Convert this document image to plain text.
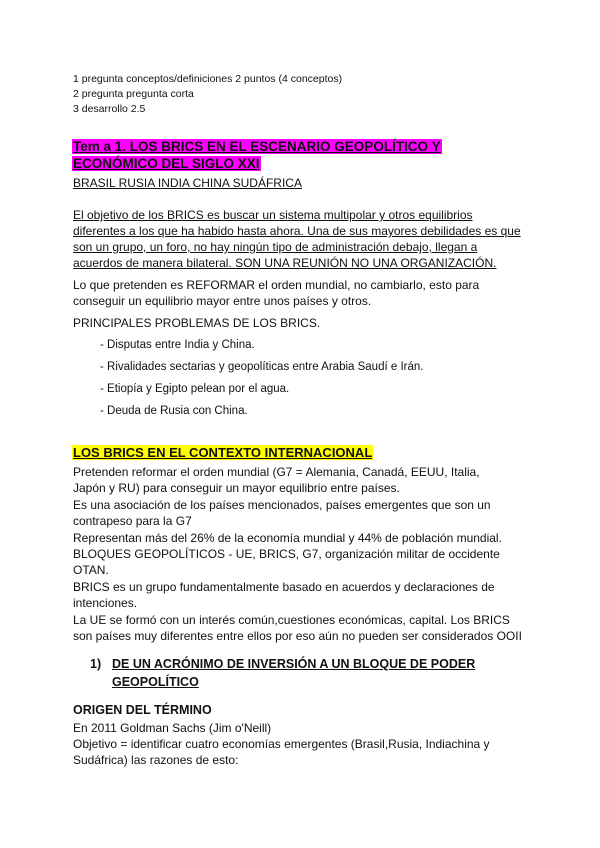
1 pregunta conceptos/definiciones 2 puntos (4 conceptos)
2 pregunta pregunta corta
3 desarrollo 2.5
Tem a 1. LOS BRICS EN EL ESCENARIO GEOPOLÍTICO Y
ECONÓMICO DEL SIGLO XXI
BRASIL RUSIA INDIA CHINA SUDÁFRICA
El objetivo de los BRICS es buscar un sistema multipolar y otros equilibrios
diferentes a los que ha habido hasta ahora. Una de sus mayores debilidades es que
son un grupo, un foro, no hay ningún tipo de administración debajo, llegan a
acuerdos de manera bilateral. SON UNA REUNIÓN NO UNA ORGANIZACIÓN.
Lo que pretenden es REFORMAR el orden mundial, no cambiarlo, esto para
conseguir un equilibrio mayor entre unos países y otros.
PRINCIPALES PROBLEMAS DE LOS BRICS.
- Disputas entre India y China.
- Rivalidades sectarias y geopolíticas entre Arabia Saudí e Irán.
- Etiopía y Egipto pelean por el agua.
- Deuda de Rusia con China.
LOS BRICS EN EL CONTEXTO INTERNACIONAL
Pretenden reformar el orden mundial (G7 = Alemania, Canadá, EEUU, Italia,
Japón y RU) para conseguir un mayor equilibrio entre países.
Es una asociación de los países mencionados, países emergentes que son un
contrapeso para la G7
Representan más del 26% de la economía mundial y 44% de población mundial.
BLOQUES GEOPOLÍTICOS - UE, BRICS, G7, organización militar de occidente
OTAN.
BRICS es un grupo fundamentalmente basado en acuerdos y declaraciones de
intenciones.
La UE se formó con un interés común,cuestiones económicas, capital. Los BRICS
son países muy diferentes entre ellos por eso aún no pueden ser considerados OOII
1) DE UN ACRÓNIMO DE INVERSIÓN A UN BLOQUE DE PODER
GEOPOLÍTICO
ORIGEN DEL TÉRMINO
En 2011 Goldman Sachs (Jim o'Neill)
Objetivo = identificar cuatro economías emergentes (Brasil,Rusia, Indiachina y
Sudáfrica) las razones de esto:
